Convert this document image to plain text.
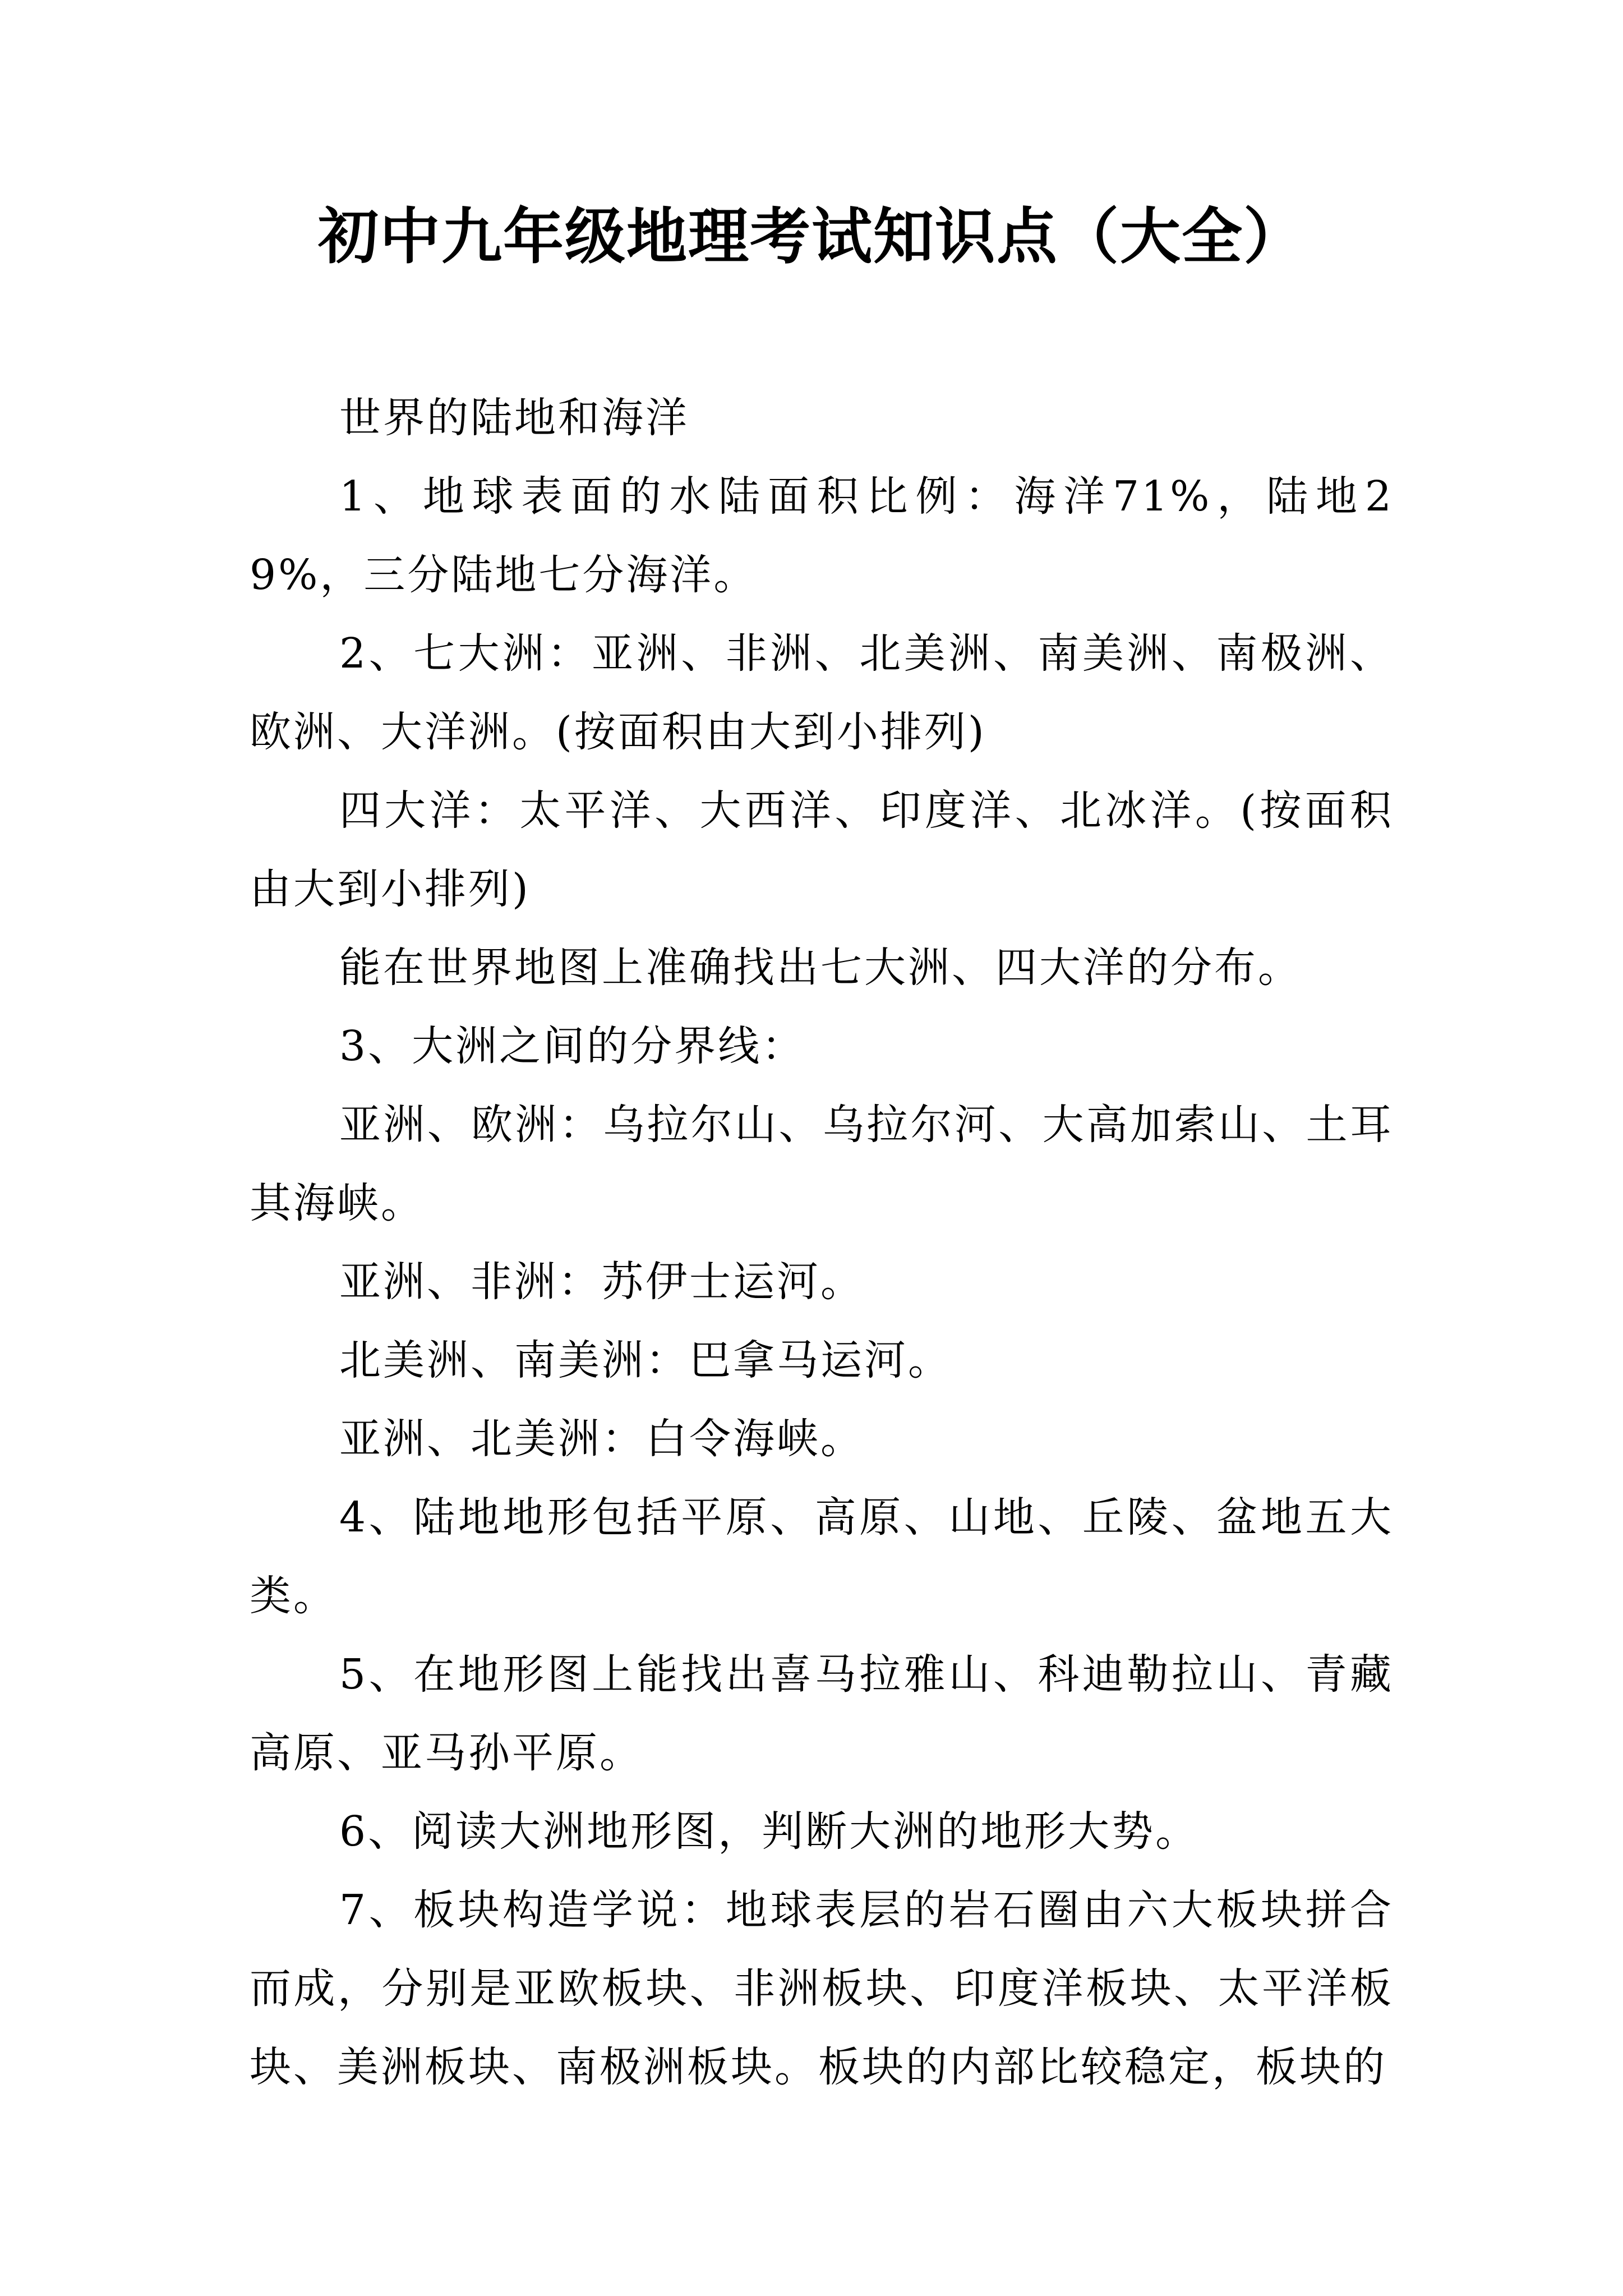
初中九年级地理考试知识点（大全）

世界的陆地和海洋

1、地球表面的水陆面积比例：海洋71%，陆地29%，三分陆地七分海洋。

2、七大洲：亚洲、非洲、北美洲、南美洲、南极洲、欧洲、大洋洲。(按面积由大到小排列)

四大洋：太平洋、大西洋、印度洋、北冰洋。(按面积由大到小排列)

能在世界地图上准确找出七大洲、四大洋的分布。

3、大洲之间的分界线：

亚洲、欧洲：乌拉尔山、乌拉尔河、大高加索山、土耳其海峡。

亚洲、非洲：苏伊士运河。

北美洲、南美洲：巴拿马运河。

亚洲、北美洲：白令海峡。

4、陆地地形包括平原、高原、山地、丘陵、盆地五大类。

5、在地形图上能找出喜马拉雅山、科迪勒拉山、青藏高原、亚马孙平原。

6、阅读大洲地形图，判断大洲的地形大势。

7、板块构造学说：地球表层的岩石圈由六大板块拼合而成，分别是亚欧板块、非洲板块、印度洋板块、太平洋板块、美洲板块、南极洲板块。板块的内部比较稳定，板块的
